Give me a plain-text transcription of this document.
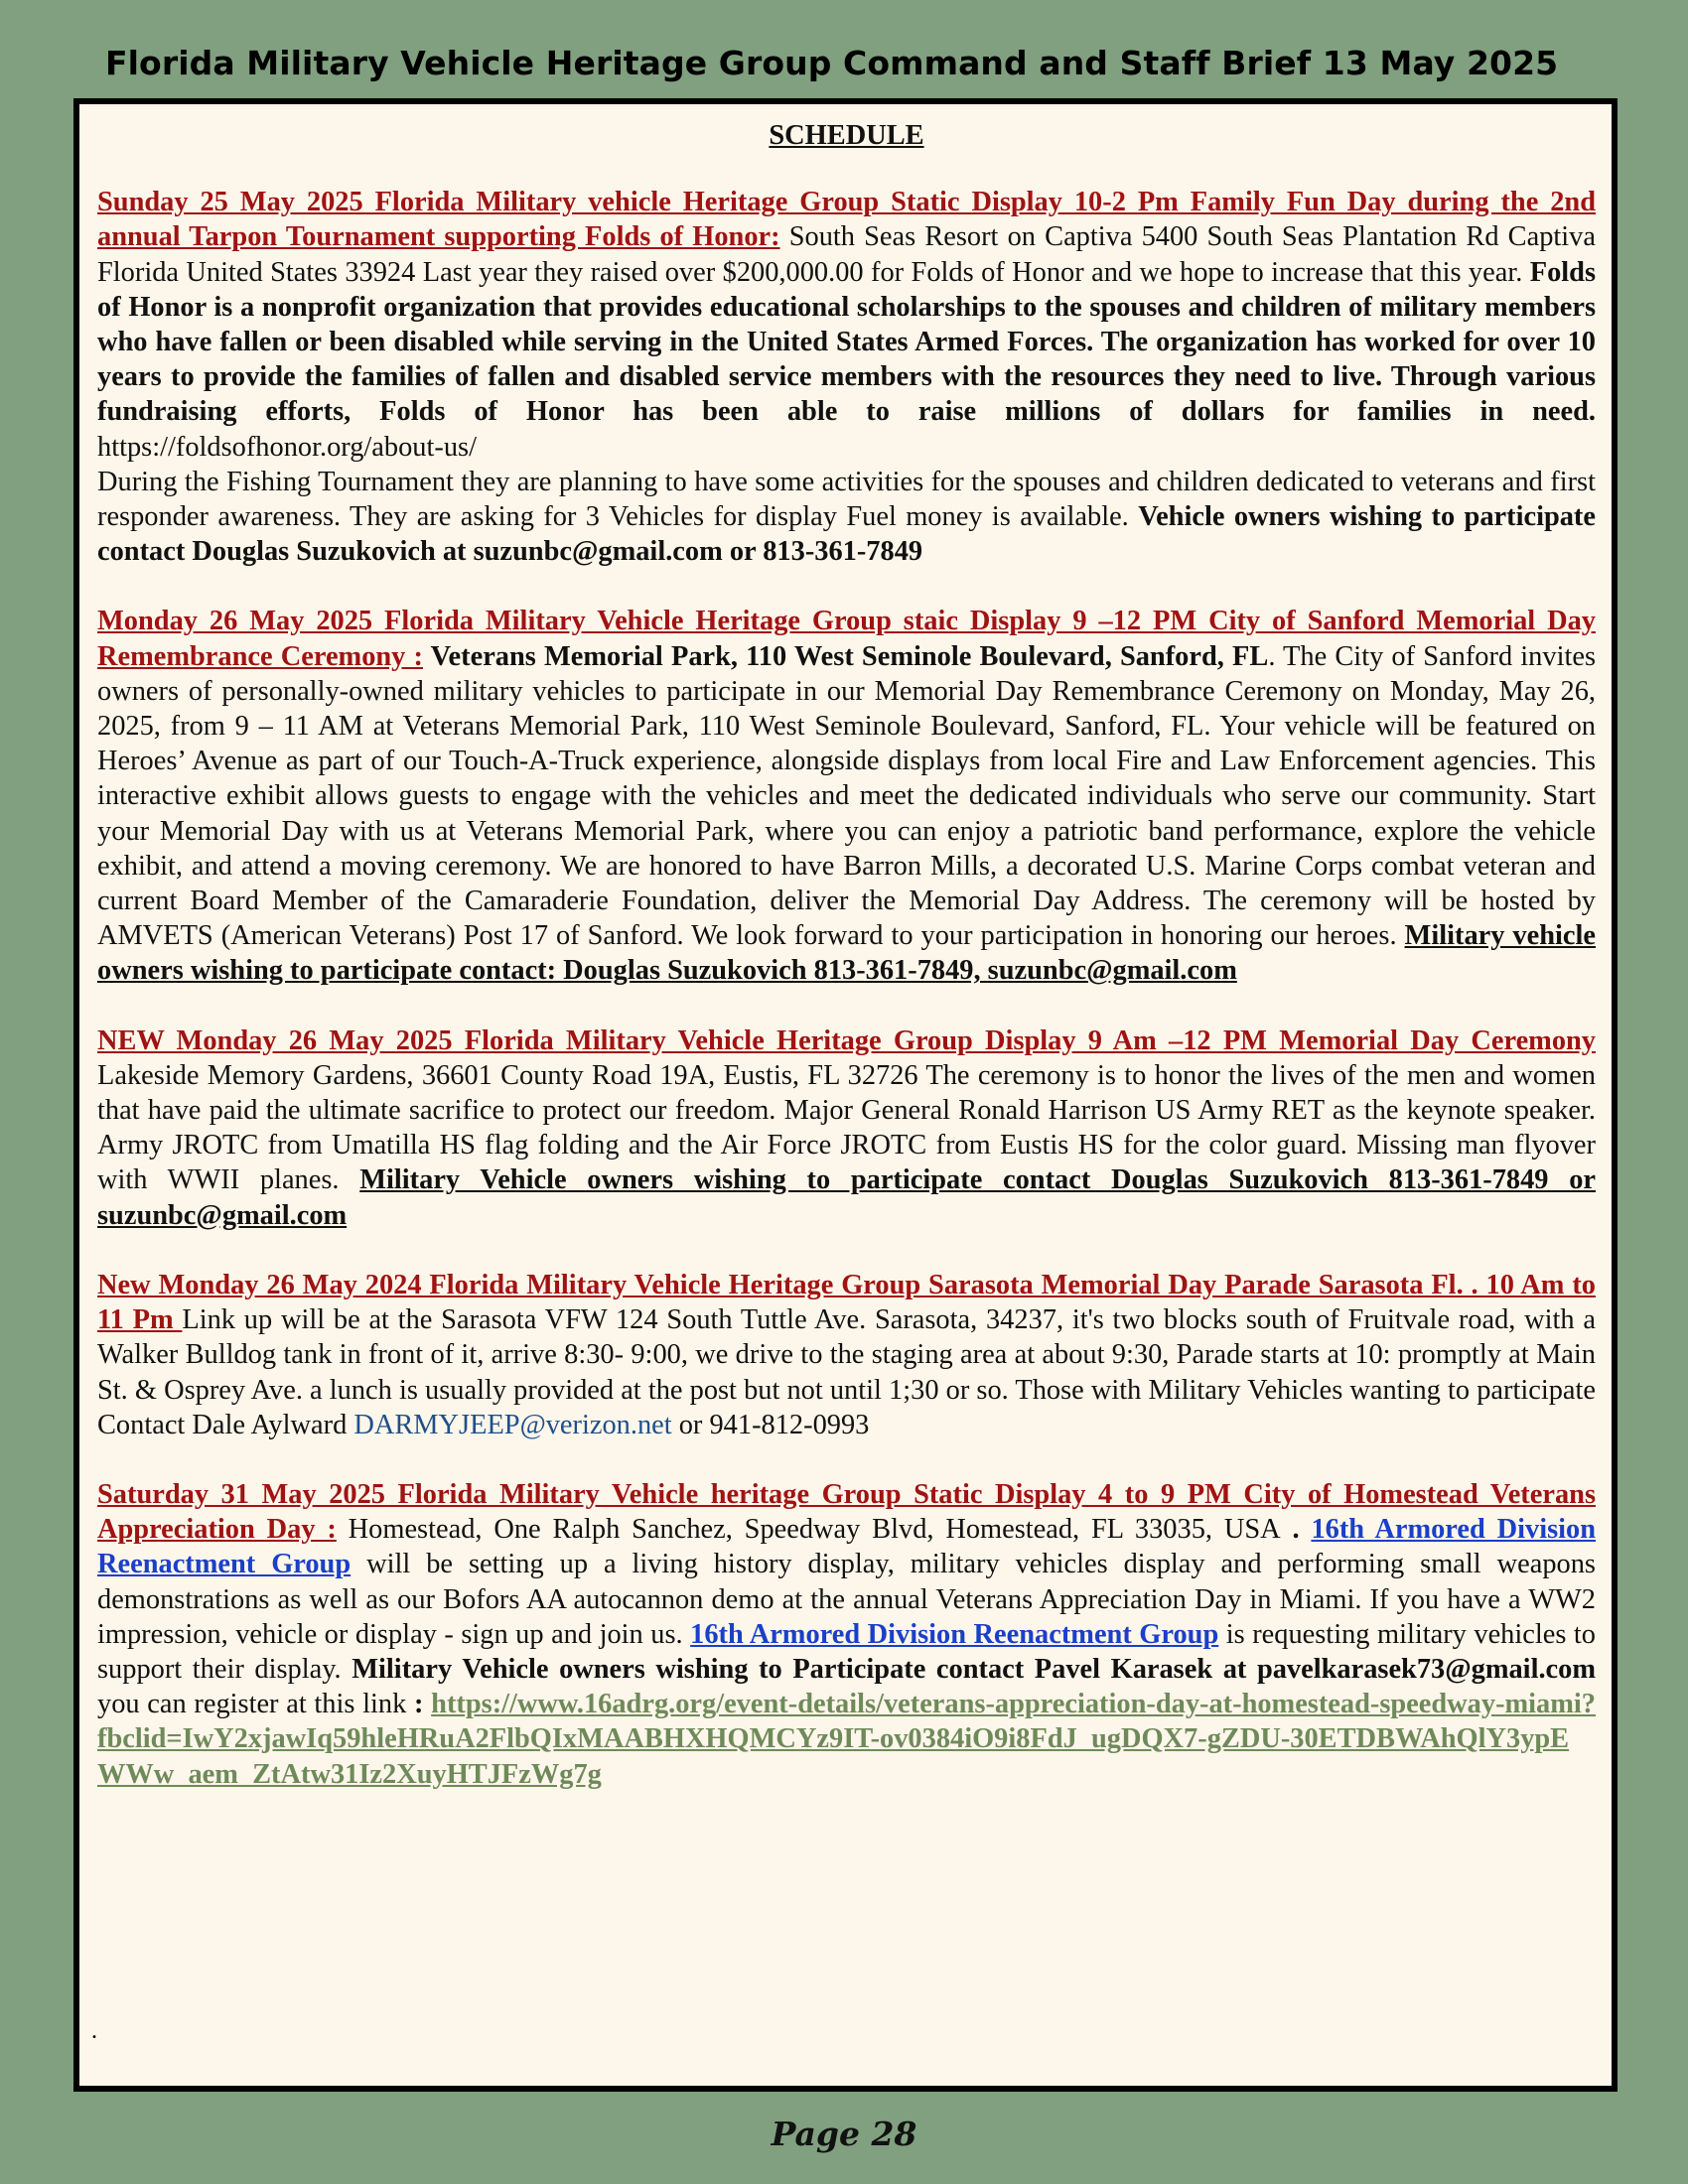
Florida Military Vehicle Heritage Group Command and Staff Brief 13 May 2025
SCHEDULE
Sunday 25 May 2025 Florida Military vehicle Heritage Group Static Display 10-2 Pm Family Fun Day during the 2nd annual Tarpon Tournament supporting Folds of Honor: South Seas Resort on Captiva 5400 South Seas Plantation Rd Captiva Florida United States 33924 Last year they raised over $200,000.00 for Folds of Honor and we hope to increase that this year. Folds of Honor is a nonprofit organization that provides educational scholarships to the spouses and children of military members who have fallen or been disabled while serving in the United States Armed Forces. The organization has worked for over 10 years to provide the families of fallen and disabled service members with the resources they need to live. Through various fundraising efforts, Folds of Honor has been able to raise millions of dollars for families in need. https://foldsofhonor.org/about-us/
During the Fishing Tournament they are planning to have some activities for the spouses and children dedicated to veterans and first responder awareness. They are asking for 3 Vehicles for display Fuel money is available. Vehicle owners wishing to participate contact Douglas Suzukovich at suzunbc@gmail.com or 813-361-7849
Monday 26 May 2025 Florida Military Vehicle Heritage Group staic Display 9 –12 PM City of Sanford Memorial Day Remembrance Ceremony : Veterans Memorial Park, 110 West Seminole Boulevard, Sanford, FL. The City of Sanford invites owners of personally-owned military vehicles to participate in our Memorial Day Remembrance Ceremony on Monday, May 26, 2025, from 9 – 11 AM at Veterans Memorial Park, 110 West Seminole Boulevard, Sanford, FL. Your vehicle will be featured on Heroes’ Avenue as part of our Touch-A-Truck experience, alongside displays from local Fire and Law Enforcement agencies. This interactive exhibit allows guests to engage with the vehicles and meet the dedicated individuals who serve our community. Start your Memorial Day with us at Veterans Memorial Park, where you can enjoy a patriotic band performance, explore the vehicle exhibit, and attend a moving ceremony. We are honored to have Barron Mills, a decorated U.S. Marine Corps combat veteran and current Board Member of the Camaraderie Foundation, deliver the Memorial Day Address. The ceremony will be hosted by AMVETS (American Veterans) Post 17 of Sanford. We look forward to your participation in honoring our heroes. Military vehicle owners wishing to participate contact: Douglas Suzukovich 813-361-7849, suzunbc@gmail.com
NEW Monday 26 May 2025 Florida Military Vehicle Heritage Group Display 9 Am –12 PM Memorial Day Ceremony Lakeside Memory Gardens, 36601 County Road 19A, Eustis, FL 32726 The ceremony is to honor the lives of the men and women that have paid the ultimate sacrifice to protect our freedom. Major General Ronald Harrison US Army RET as the keynote speaker. Army JROTC from Umatilla HS flag folding and the Air Force JROTC from Eustis HS for the color guard. Missing man flyover with WWII planes. Military Vehicle owners wishing to participate contact Douglas Suzukovich 813-361-7849 or suzunbc@gmail.com
New Monday 26 May 2024 Florida Military Vehicle Heritage Group Sarasota Memorial Day Parade Sarasota Fl. . 10 Am to 11 Pm Link up will be at the Sarasota VFW 124 South Tuttle Ave. Sarasota, 34237, it's two blocks south of Fruitvale road, with a Walker Bulldog tank in front of it, arrive 8:30- 9:00, we drive to the staging area at about 9:30, Parade starts at 10: promptly at Main St. & Osprey Ave. a lunch is usually provided at the post but not until 1;30 or so. Those with Military Vehicles wanting to participate Contact Dale Aylward DARMYJEEP@verizon.net or 941-812-0993
Saturday 31 May 2025 Florida Military Vehicle heritage Group Static Display 4 to 9 PM City of Homestead Veterans Appreciation Day : Homestead, One Ralph Sanchez, Speedway Blvd, Homestead, FL 33035, USA . 16th Armored Division Reenactment Group will be setting up a living history display, military vehicles display and performing small weapons demonstrations as well as our Bofors AA autocannon demo at the annual Veterans Appreciation Day in Miami. If you have a WW2 impression, vehicle or display - sign up and join us. 16th Armored Division Reenactment Group is requesting military vehicles to support their display. Military Vehicle owners wishing to Participate contact Pavel Karasek at pavelkarasek73@gmail.com you can register at this link : https://www.16adrg.org/event-details/veterans-appreciation-day-at-homestead-speedway-miami?fbclid=IwY2xjawIq59hleHRuA2FlbQIxMAABHXHQMCYz9IT-ov0384iO9i8FdJ_ugDQX7-gZDU-30ETDBWAhQlY3ypEWWw_aem_ZtAtw31Iz2XuyHTJFzWg7g
.
Page 28
